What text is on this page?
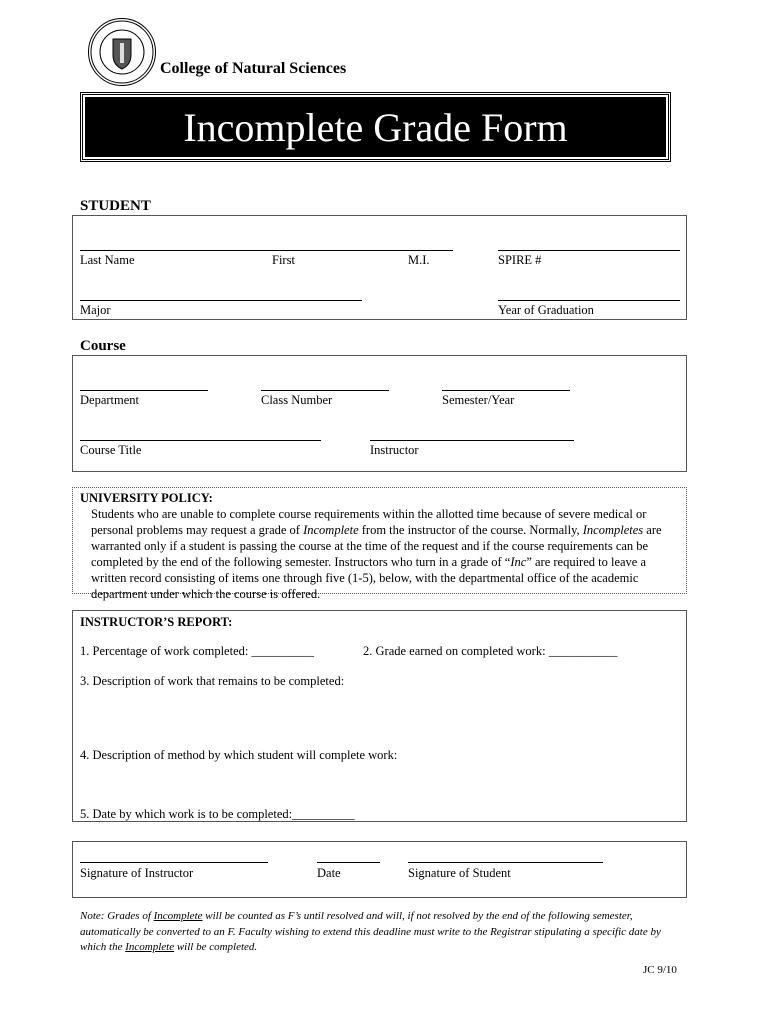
College of Natural Sciences
Incomplete Grade Form
STUDENT
Last Name	First	M.I.	SPIRE #
Major	Year of Graduation
Course
Department	Class Number	Semester/Year
Course Title	Instructor
UNIVERSITY POLICY:
Students who are unable to complete course requirements within the allotted time because of severe medical or personal problems may request a grade of Incomplete from the instructor of the course. Normally, Incompletes are warranted only if a student is passing the course at the time of the request and if the course requirements can be completed by the end of the following semester. Instructors who turn in a grade of “Inc” are required to leave a written record consisting of items one through five (1-5), below, with the departmental office of the academic department under which the course is offered.
INSTRUCTOR’S REPORT:
1. Percentage of work completed: __________	2. Grade earned on completed work: ___________
3. Description of work that remains to be completed:
4. Description of method by which student will complete work:
5. Date by which work is to be completed:__________
Signature of Instructor	Date	Signature of Student
Note: Grades of Incomplete will be counted as F’s until resolved and will, if not resolved by the end of the following semester, automatically be converted to an F. Faculty wishing to extend this deadline must write to the Registrar stipulating a specific date by which the Incomplete will be completed.
JC 9/10
